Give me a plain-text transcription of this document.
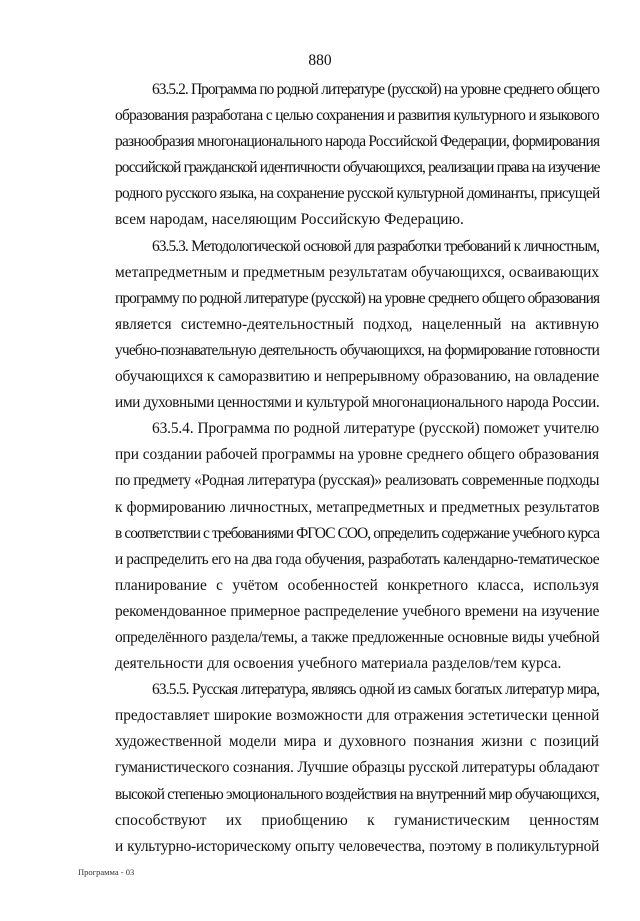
880
63.5.2. Программа по родной литературе (русской) на уровне среднего общего
образования разработана с целью сохранения и развития культурного и языкового
разнообразия многонационального народа Российской Федерации, формирования
российской гражданской идентичности обучающихся, реализации права на изучение
родного русского языка, на сохранение русской культурной доминанты, присущей
всем народам, населяющим Российскую Федерацию.
63.5.3. Методологической основой для разработки требований к личностным,
метапредметным и предметным результатам обучающихся, осваивающих
программу по родной литературе (русской) на уровне среднего общего образования
является системно-деятельностный подход, нацеленный на активную
учебно-познавательную деятельность обучающихся, на формирование готовности
обучающихся к саморазвитию и непрерывному образованию, на овладение
ими духовными ценностями и культурой многонационального народа России.
63.5.4. Программа по родной литературе (русской) поможет учителю
при создании рабочей программы на уровне среднего общего образования
по предмету «Родная литература (русская)» реализовать современные подходы
к формированию личностных, метапредметных и предметных результатов
в соответствии с требованиями ФГОС СОО, определить содержание учебного курса
и распределить его на два года обучения, разработать календарно-тематическое
планирование с учётом особенностей конкретного класса, используя
рекомендованное примерное распределение учебного времени на изучение
определённого раздела/темы, а также предложенные основные виды учебной
деятельности для освоения учебного материала разделов/тем курса.
63.5.5. Русская литература, являясь одной из самых богатых литератур мира,
предоставляет широкие возможности для отражения эстетически ценной
художественной модели мира и духовного познания жизни с позиций
гуманистического сознания. Лучшие образцы русской литературы обладают
высокой степенью эмоционального воздействия на внутренний мир обучающихся,
способствуют их приобщению к гуманистическим ценностям
и культурно-историческому опыту человечества, поэтому в поликультурной
Программа - 03
